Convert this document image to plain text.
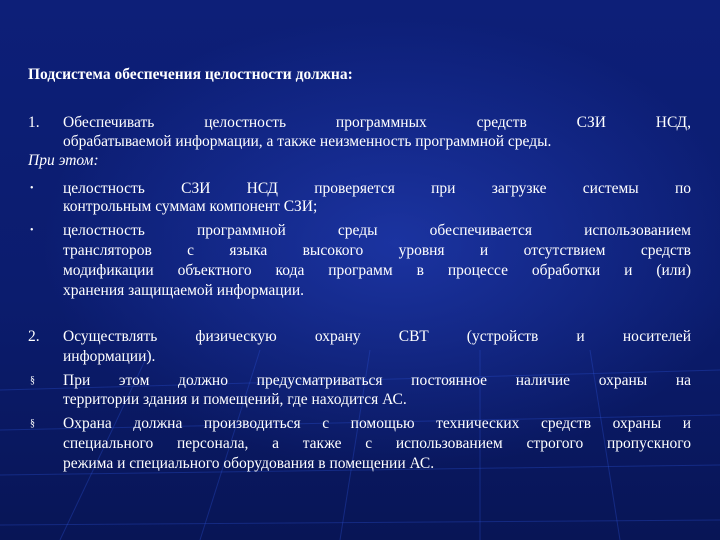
Подсистема обеспечения целостности должна:
1. Обеспечивать целостность программных средств СЗИ НСД,
обрабатываемой информации, а также неизменность программной среды.
При этом:
• целостность СЗИ НСД проверяется при загрузке системы по
контрольным суммам компонент СЗИ;
• целостность программной среды обеспечивается использованием
трансляторов с языка высокого уровня и отсутствием средств
модификации объектного кода программ в процессе обработки и (или)
хранения защищаемой информации.
2. Осуществлять физическую охрану СВТ (устройств и носителей
информации).
§ При этом должно предусматриваться постоянное наличие охраны на
территории здания и помещений, где находится АС.
§ Охрана должна производиться с помощью технических средств охраны и
специального персонала, а также с использованием строгого пропускного
режима и специального оборудования в помещении АС.
